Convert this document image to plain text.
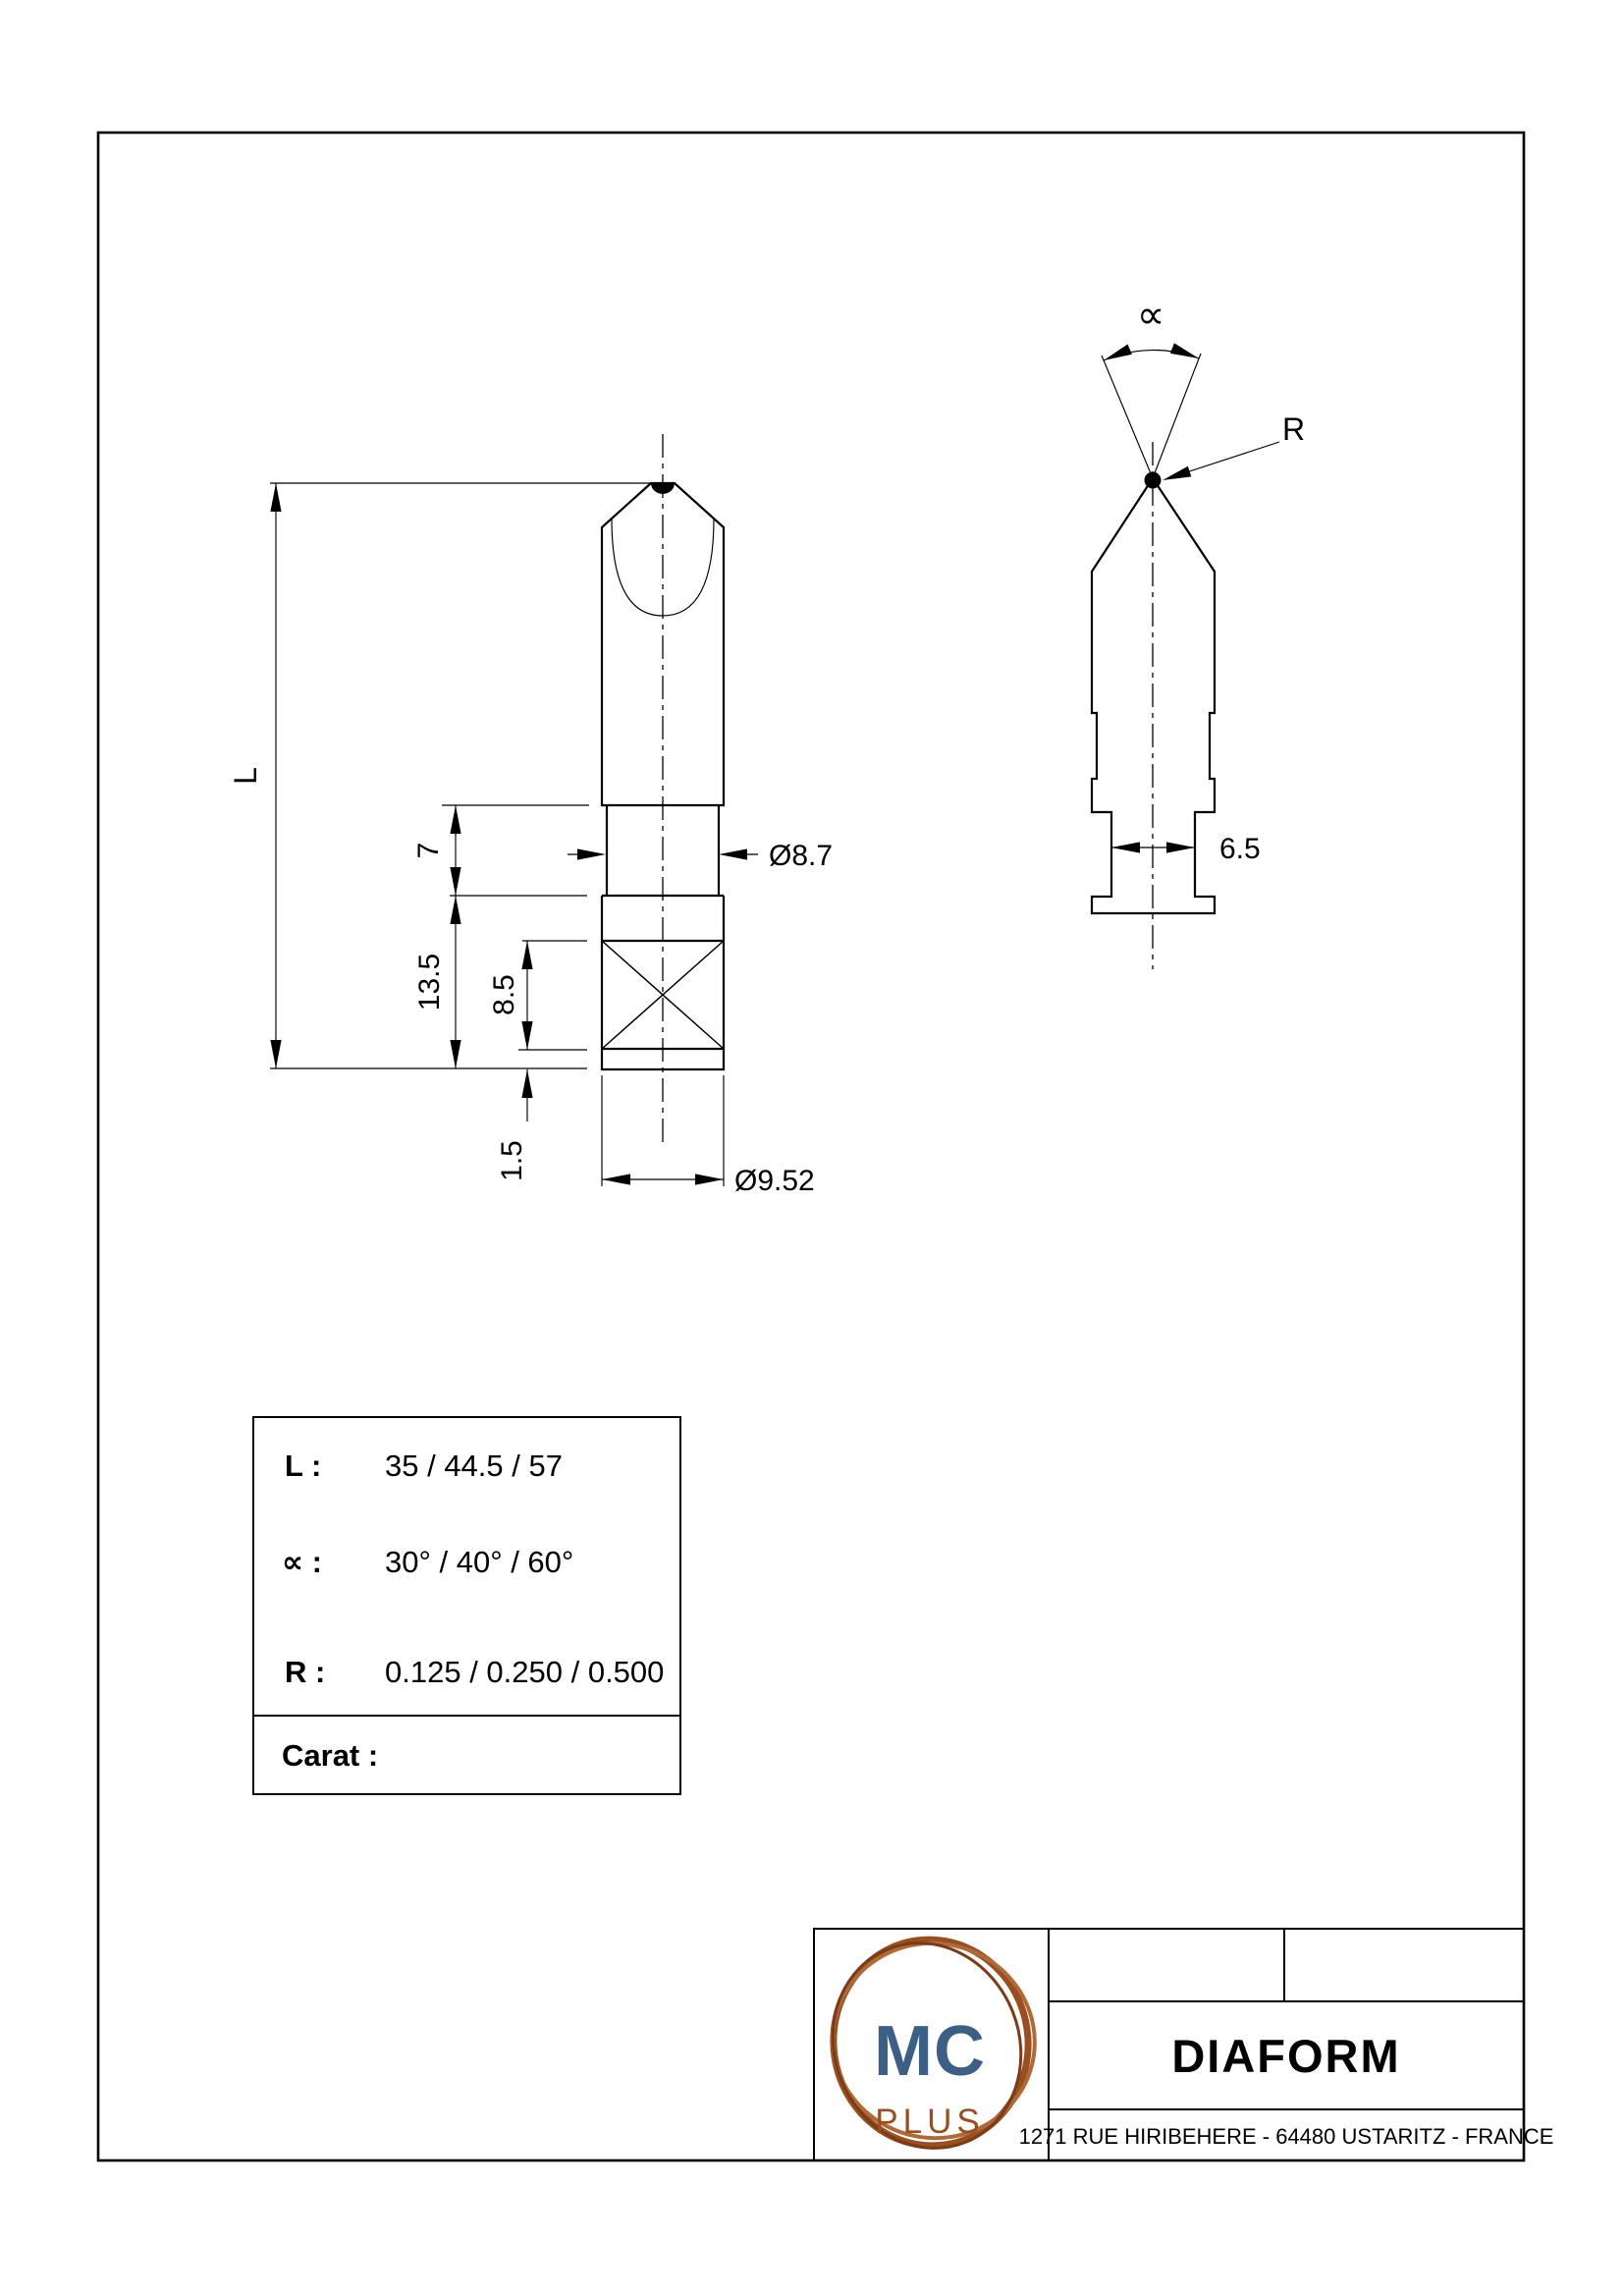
L
7
13.5 8.5
1.5
Ø8.7
Ø9.52
∝
R
6.5
L : 35 / 44.5 / 57
∝ : 30° / 40° / 60°
R : 0.125 / 0.250 / 0.500
Carat :
MC
PLUS
DIAFORM
1271 RUE HIRIBEHERE - 64480 USTARITZ - FRANCE
